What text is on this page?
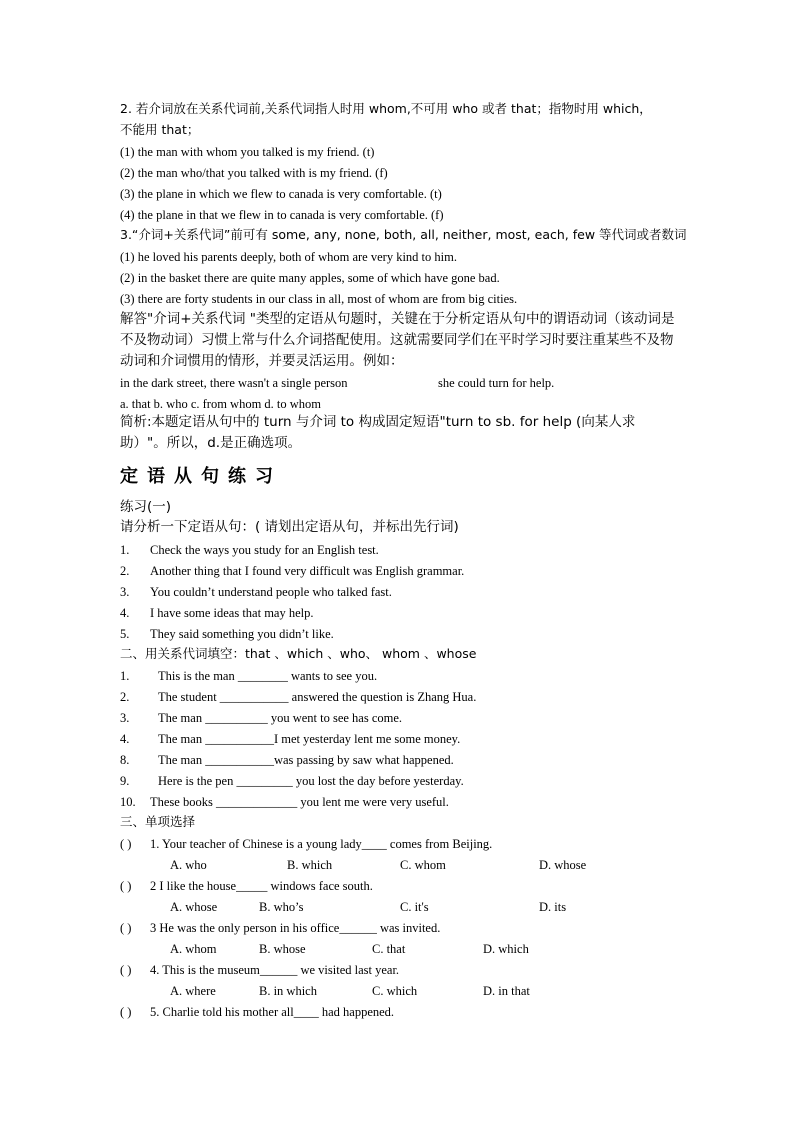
2. 若介词放在关系代词前,关系代词指人时用 whom,不可用 who 或者 that；指物时用 which，
不能用 that；
(1) the man with whom you talked is my friend. (t)
(2) the man who/that you talked with is my friend. (f)
(3) the plane in which we flew to canada is very comfortable. (t)
(4) the plane in that we flew in to canada is very comfortable. (f)
3.“介词+关系代词”前可有 some, any, none, both, all, neither, most, each, few 等代词或者数词
(1) he loved his parents deeply, both of whom are very kind to him.
(2) in the basket there are quite many apples, some of which have gone bad.
(3) there are forty students in our class in all, most of whom are from big cities.
解答"介词+关系代词 "类型的定语从句题时，关键在于分析定语从句中的谓语动词（该动词是不及物动词）习惯上常与什么介词搭配使用。这就需要同学们在平时学习时要注重某些不及物动词和介词惯用的情形，并要灵活运用。例如：
in the dark street, there wasn't a single person	she could turn for help.
a. that b. who c. from whom d. to whom
简析:本题定语从句中的 turn 与介词 to 构成固定短语"turn to sb. for help (向某人求助）"。所以，d.是正确选项。
定语从句练习
练习(一)
请分析一下定语从句：( 请划出定语从句，并标出先行词)
1. Check the ways you study for an English test.
2. Another thing that I found very difficult was English grammar.
3. You couldn’t understand people who talked fast.
4. I have some ideas that may help.
5. They said something you didn’t like.
二、用关系代词填空：that 、which 、who、 whom 、whose
1. This is the man ________ wants to see you.
2. The student ___________ answered the question is Zhang Hua.
3. The man __________ you went to see has come.
4. The man ___________I met yesterday lent me some money.
8. The man ___________was passing by saw what happened.
9. Here is the pen _________ you lost the day before yesterday.
10. These books _____________ you lent me were very useful.
三、单项选择
( ) 1. Your teacher of Chinese is a young lady____ comes from Beijing.
A. who	B. which	C. whom	D. whose
( ) 2 I like the house_____ windows face south.
A. whose	B. who’s	C. it's	D. its
( ) 3 He was the only person in his office______ was invited.
A. whom	B. whose	C. that	D. which
( ) 4. This is the museum______ we visited last year.
A. where	B. in which	C. which	D. in that
( ) 5. Charlie told his mother all____ had happened.
